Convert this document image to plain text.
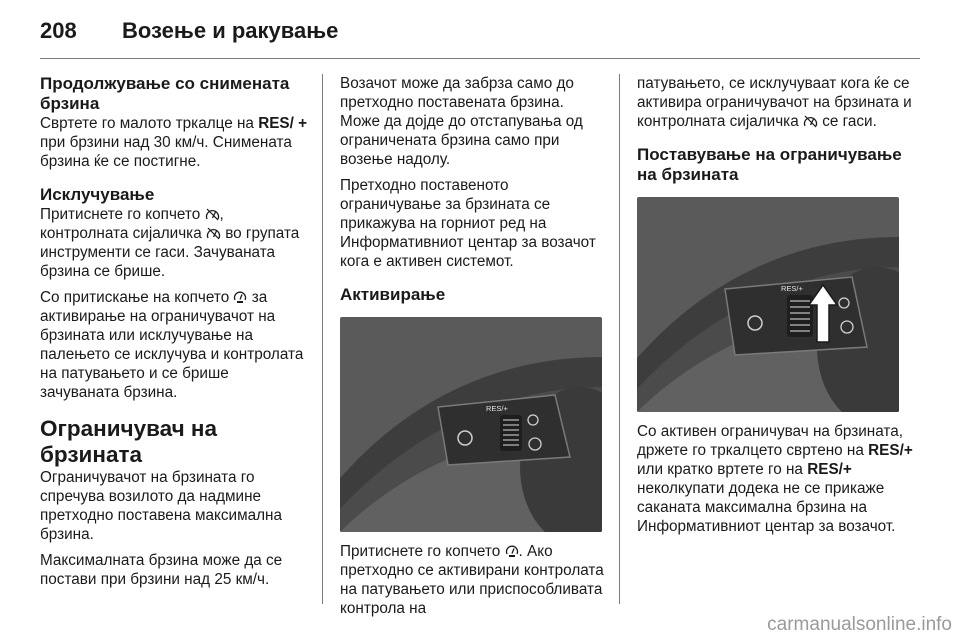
208 Возење и ракување
Продолжување со снимената брзина

Свртете го малото тркалце на RES/ + при брзини над 30 км/ч. Снимената брзина ќе се постигне.

Исклучување

Притиснете го копчето , контролната сијаличка  во групата инструменти се гаси. Зачуваната брзина се брише.

Со притискање на копчето  за активирање на ограничувачот на брзината или исклучување на палењето се исклучува и контролата на патувањето и се брише зачуваната брзина.

Ограничувач на брзината

Ограничувачот на брзината го спречува возилото да надмине претходно поставена максимална брзина.

Максималната брзина може да се постави при брзини над 25 км/ч.

Возачот може да забрза само до претходно поставената брзина. Може да дојде до отстапувања од ограничената брзина само при возење надолу.

Претходно поставеното ограничување за брзината се прикажува на горниот ред на Информативниот центар за возачот кога е активен системот.

Активирање
RES/+

Притиснете го копчето . Ако претходно се активирани контролата на патувањето или приспособливата контрола на

патувањето, се исклучуваат кога ќе се активира ограничувачот на брзината и контролната сијаличка  се гаси.

Поставување на ограничување на брзината
RES/+

Со активен ограничувач на брзината, држете го тркалцето свртено на RES/+ или кратко вртете го на RES/+ неколкупати додека не се прикаже саканата максимална брзина на Информативниот центар за возачот.

carmanualsonline.info
